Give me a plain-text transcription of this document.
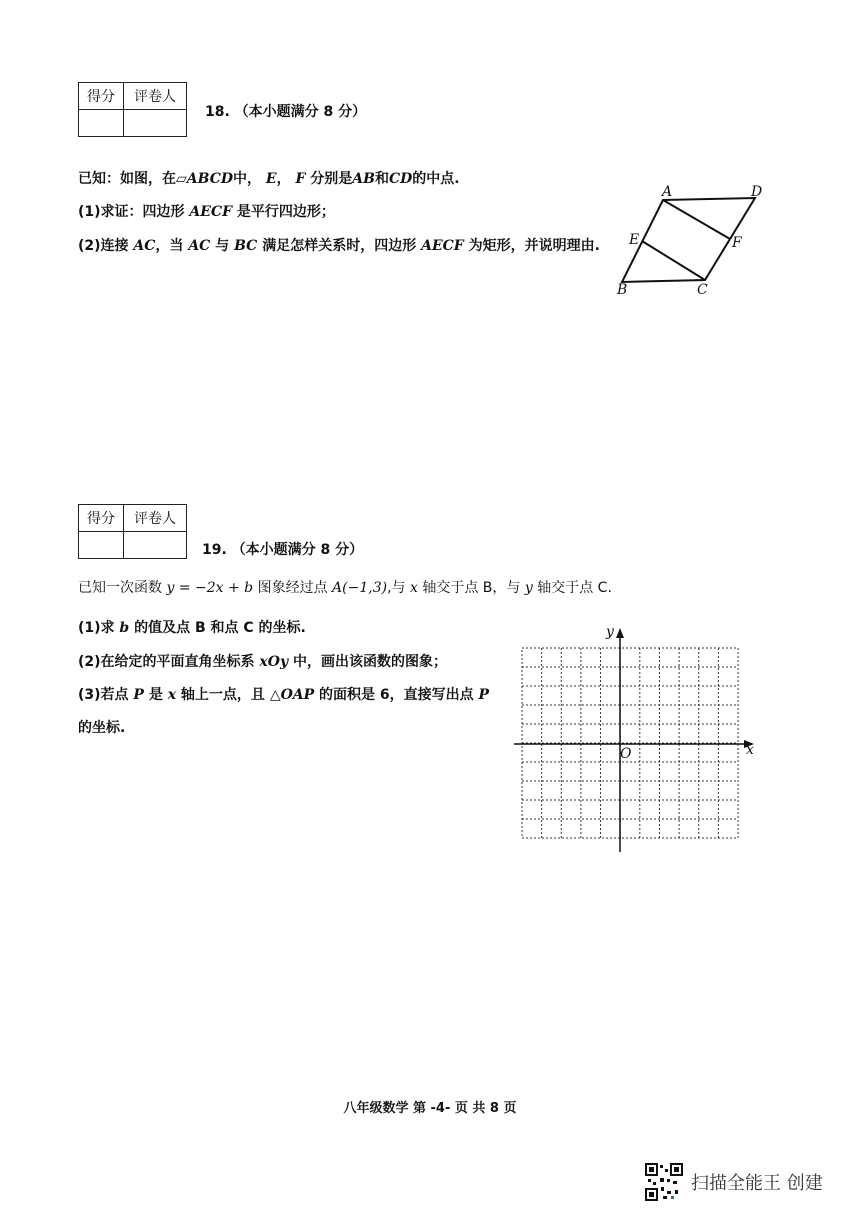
得分	评卷人

18. （本小题满分 8 分）
已知：如图，在▱ABCD中， E， F 分别是AB和CD的中点.
(1)求证：四边形 AECF 是平行四边形；
(2)连接 AC，当 AC 与 BC 满足怎样关系时，四边形 AECF 为矩形，并说明理由.
A	D
E	F
B	C
得分	评卷人

19. （本小题满分 8 分）
已知一次函数 y = −2x + b 图象经过点 A(−1,3),与 x 轴交于点 B，与 y 轴交于点 C.
(1)求 b 的值及点 B 和点 C 的坐标.
(2)在给定的平面直角坐标系 xOy 中，画出该函数的图象；
(3)若点 P 是 x 轴上一点，且 △OAP 的面积是 6，直接写出点 P
的坐标.
x
y
O
八年级数学 第 -4- 页 共 8 页
扫描全能王 创建
